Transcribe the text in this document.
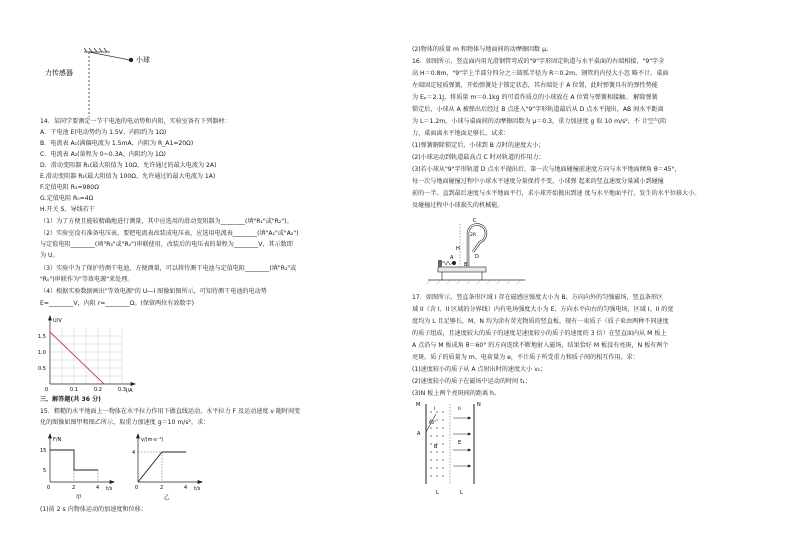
小球
力传感器
14．某同学要测定一节干电池的电动势和内阻，实验室备有下列器材：
A．干电池 E(电动势约为 1.5V、内阻约为 1Ω)
B．电流表 A₁(满偏电流为 1.5mA、内阻为 R_A1=20Ω)
C．电流表 A₂(量程为 0~0.3A、内阻约为 1Ω)
D．滑动变阻器 R₁(最大阻值为 10Ω、允许通过的最大电流为 2A)
E.滑动变阻器 R₂(最大阻值为 100Ω、允许通过的最大电流为 1A)
F.定值电阻 R₃=980Ω
G.定值电阻 R₀=4Ω
H.开关 S、导线若干
（1）为了方便且能较精确地进行测量，其中应选用的滑动变阻器为________(填"R₁"或"R₂")。
（2）实验室没有准备电压表，要把电流表改装成电压表，应选用电流表________(填"A₁"或"A₂")
与定值电阻________(填"R₃"或"R₀")串联使用，改装后的电压表的量程为________V，其示数即
为 U。
（3）实验中为了保护待测干电池、方便测量，可以将待测干电池与定值电阻________(填"R₃"或
"R₀")串联作为"等效电源"来处理。
（4）根据实验数据画出"等效电源"的 U—I 图像如图所示，可知待测干电池的电动势
E=________V，内阻 r=________Ω。(保留两位有效数字)
U/V
I/A
0
1.5
1.0
0.5
0.1	0.2	0.3
三、解答题(共 36 分)
15．粗糙的水平地面上一物体在水平拉力作用下做直线运动，水平拉力 F 及运动速度 v 随时间变
化的图像如图甲和图乙所示，取重力加速度 g＝10 m/s²，求：
F/N
t/s
15
5
0	2	4
甲
v/(m·s⁻¹)
t/s
4
0	2	4
乙
(1)前 2 s 内物体运动的加速度和位移；
(2)物体的质量 m 和物体与地面间的动摩擦因数 μ。
16．如图所示，竖直面内用光滑钢管弯成的"9"字形固定轨道与水平桌面的右端相接，"9"字全
高 H＝0.8m，"9"字上半部分四分之三圆弧半径为 R＝0.2m，钢管的内径大小忽 略不计。桌面
左端固定轻质弹簧，开始弹簧处于锁定状态，其右端处于 A 位置，此时弹簧具有的弹性势能
为 Eₚ＝2.1J，将质量 m＝0.1kg 的可看作质点的小球放在 A 位置与弹簧相接触。 解除弹簧
锁定后，小球从 A 被弹出后经过 B 点进入"9"字形轨道最后从 D 点水平抛出，AB 间水平距离
为 L＝1.2m，小球与桌面间的动摩擦因数为 μ＝0.3，重力加速度 g 取 10 m/s²，不 计空气阻
力，桌面离水平地面足够长，试求：
(1)弹簧解除锁定后，小球到 B 点时的速度大小；
(2)小球运动到轨道最高点 C 时对轨道的作用力；
(3)若小球从"9"字形轨道 D 点水平抛出后，第一次与地面碰撞前速度方向与水平地面倾角 θ＝45°，
每一次与地面碰撞过程中小球水平速度分量保持不变，小球弹 起来的竖直速度分量减小到碰撞
前的一半。直到最后速度与水平地面平行，求小球开始抛出到速 度与水平地面平行，发生的水平位移大小。
及碰撞过程中小球损失的机械能。
C
2R
H
A
B
D
17．如图所示，竖直条形区域 I 存在磁感应强度大小为 B、方向向外的匀强磁场，竖直条形区
域 II（含 I、II 区域的分界线）内有电场强度大小为 E、方向水平向右的匀强电场，区域 I、II 的宽
度均为 L 且足够长，M、N 均为涂有荧光物质的竖直板。现有一束质子（质子束由两种不同速度
的质子组成，且速度较大的质子的速度是速度较小的质子的速度的 3 倍）在竖直面内从 M 板上
A 点沿与 M 板成角 θ＝60° 的方向连续不断地射入磁场，结果恰好 M 板没有亮斑，N 板有两个
亮斑。质子的质量为 m、电荷量为 e，不计质子所受重力和质子间的相互作用。求：
(1)速度较小的质子从 A 点射出时的速度大小 v₁；
(2)速度较小的质子在磁场中运动的时间 t₁；
(3)N 板上两个亮斑间的距离 h。
M	N
A
60°
B
E
I	II
L	L
